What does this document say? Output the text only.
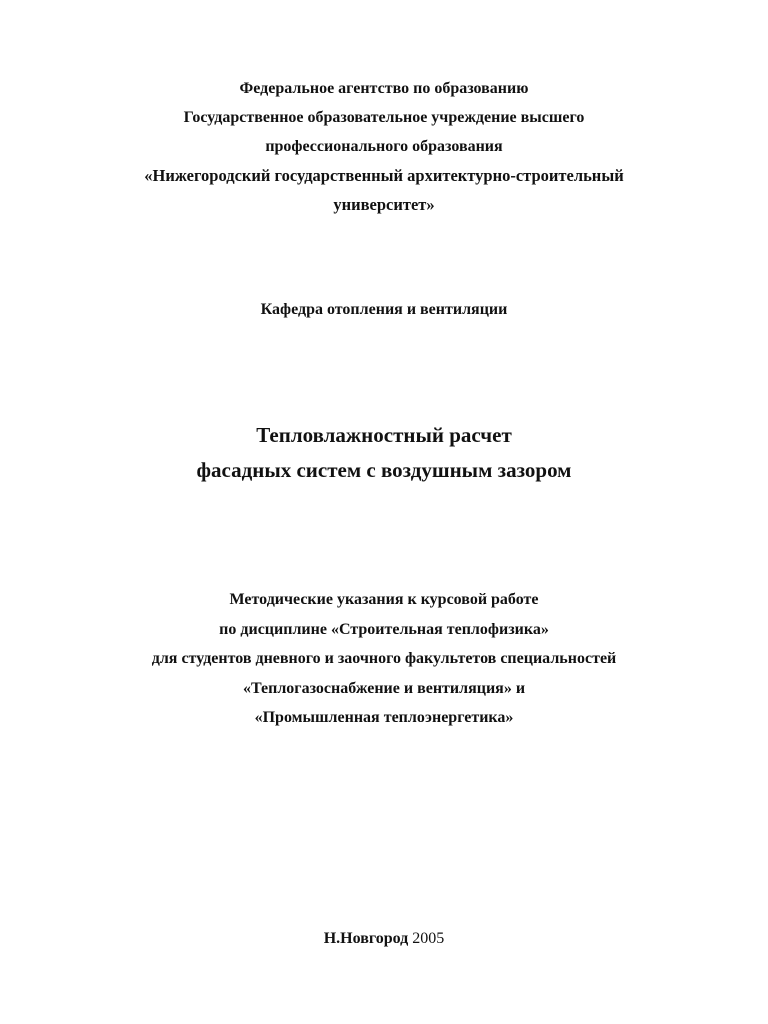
Федеральное агентство по образованию
Государственное образовательное учреждение высшего
профессионального образования
«Нижегородский государственный архитектурно-строительный
университет»
Кафедра отопления и вентиляции
Тепловлажностный расчет
фасадных систем с воздушным зазором
Методические указания к курсовой работе
по дисциплине «Строительная теплофизика»
для студентов дневного и заочного факультетов специальностей
«Теплогазоснабжение и вентиляция» и
«Промышленная теплоэнергетика»
Н.Новгород 2005
